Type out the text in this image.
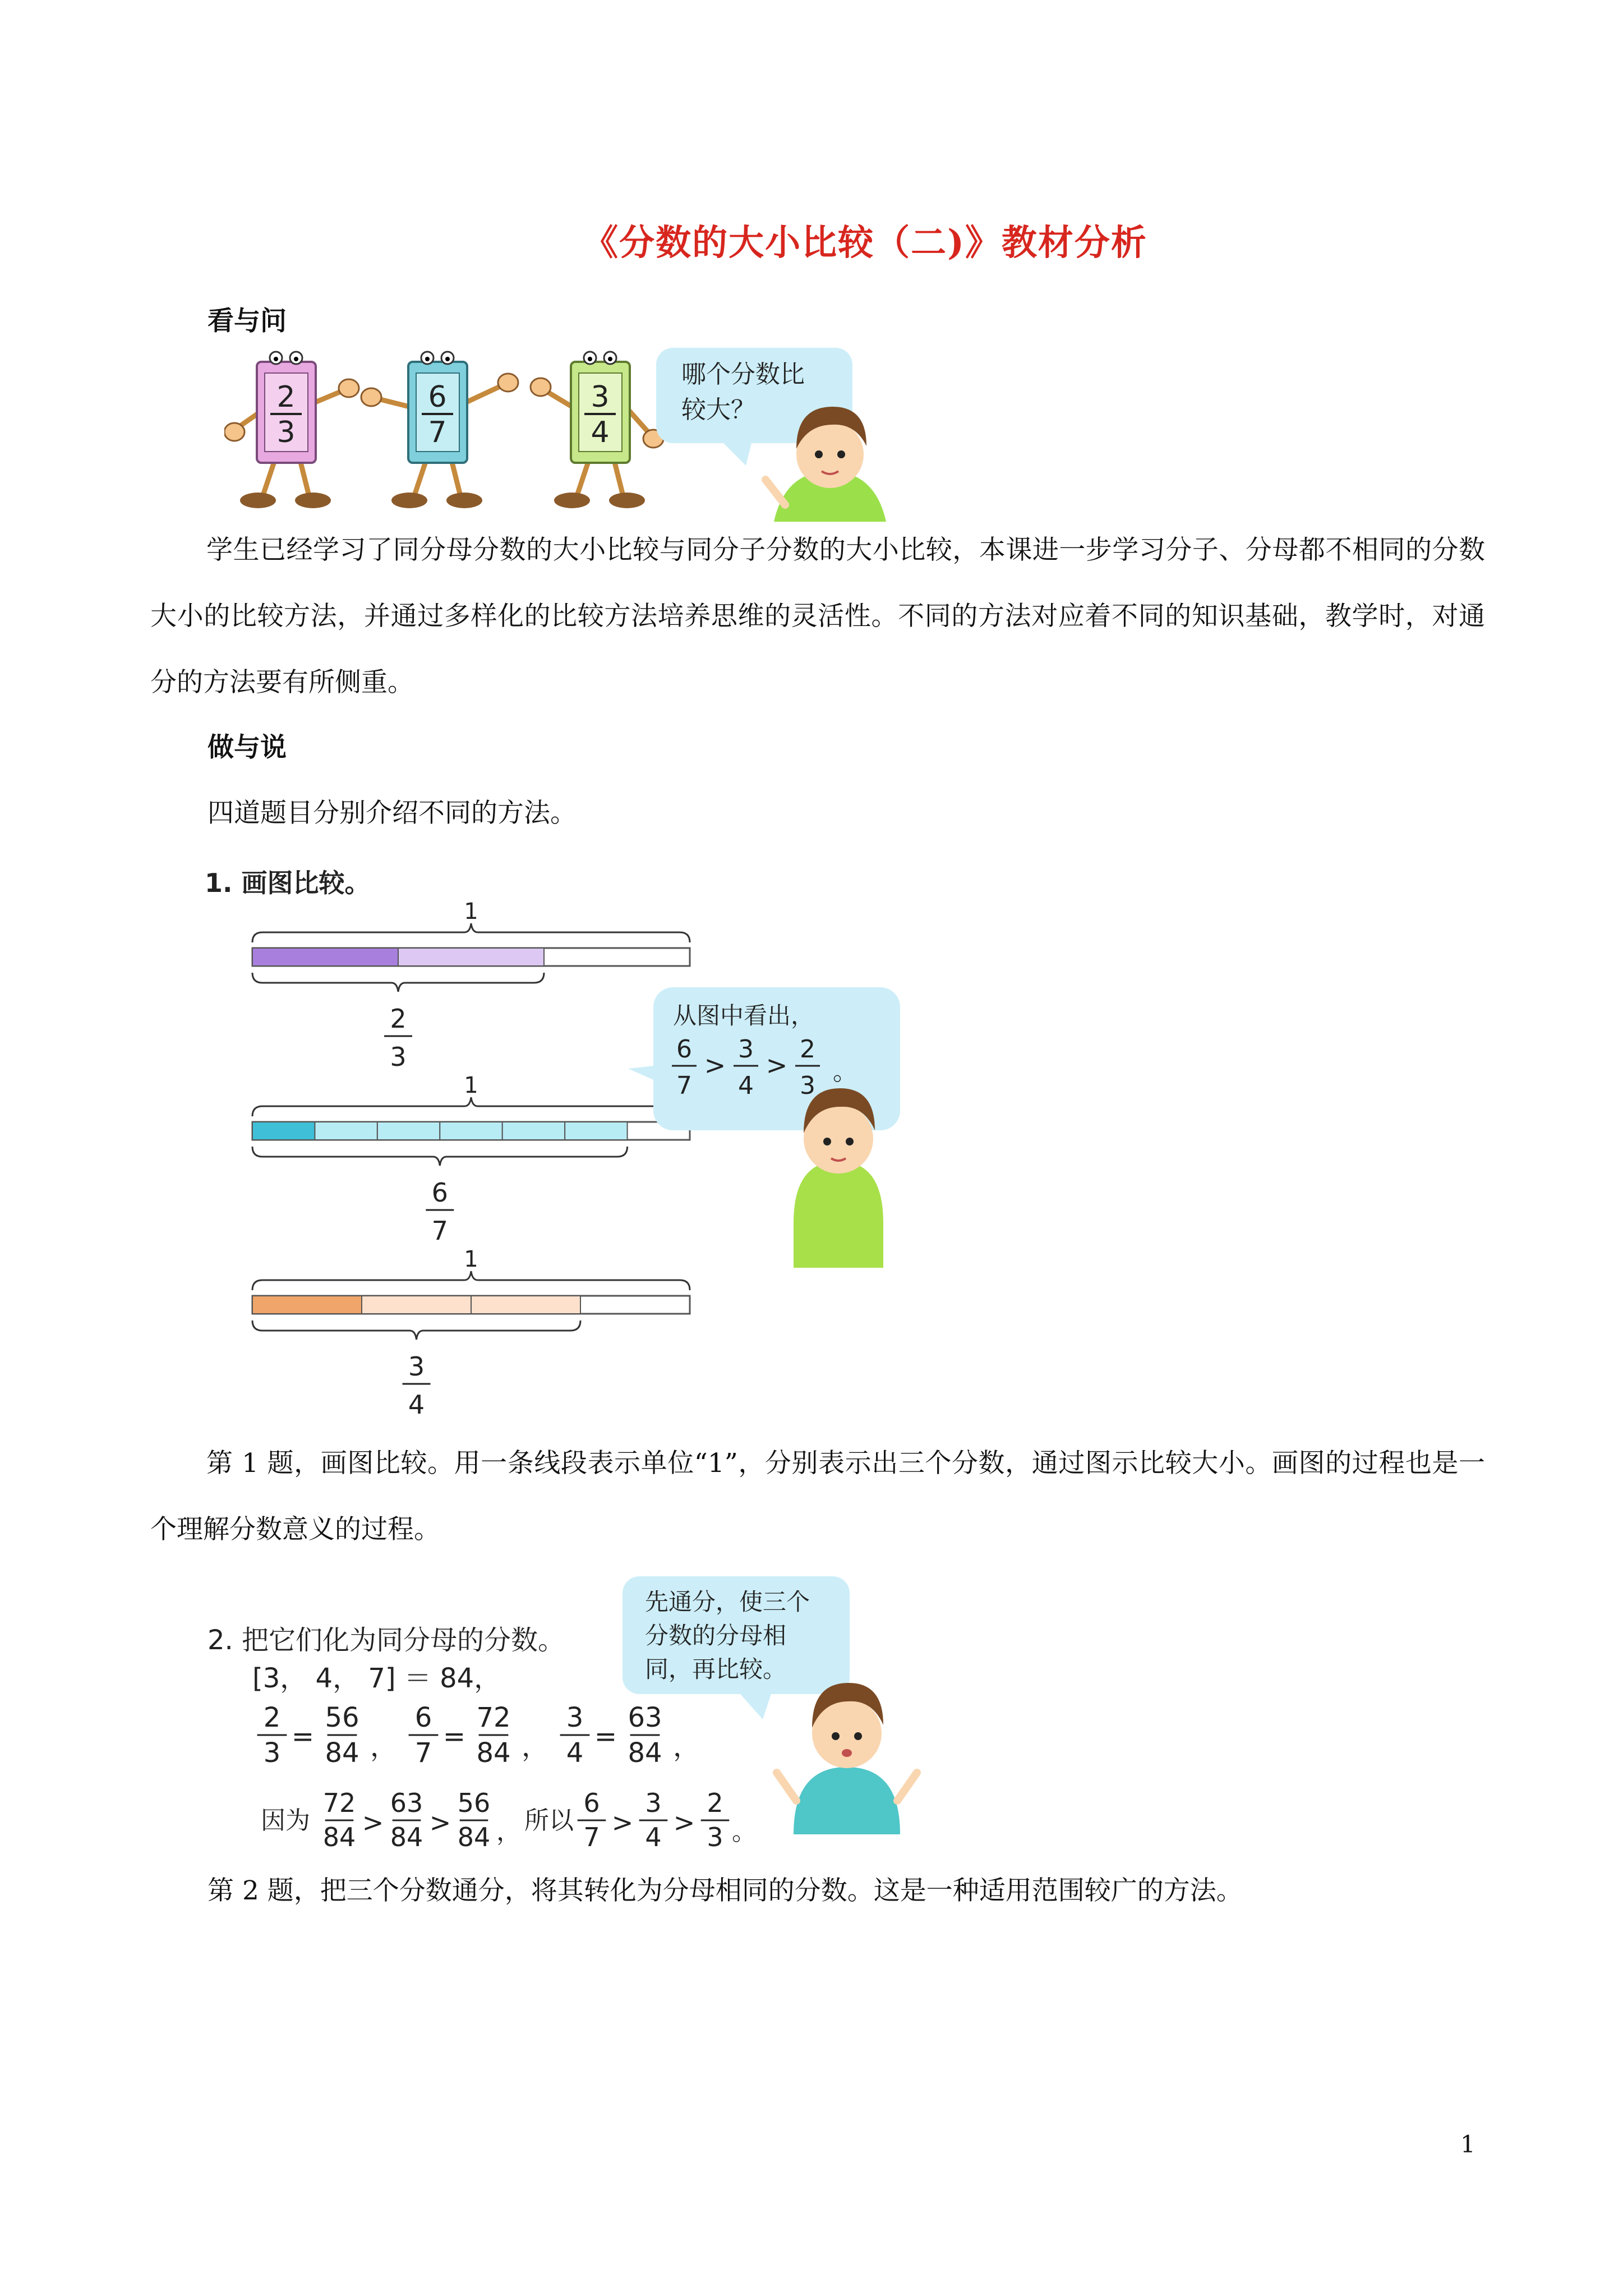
《分数的大小比较（二)》教材分析
看与问
2
3
6
7
3
4
哪个分数比
较大？
学生已经学习了同分母分数的大小比较与同分子分数的大小比较，本课进一步学习分子、分母都不相同的分数大小的比较方法，并通过多样化的比较方法培养思维的灵活性。不同的方法对应着不同的知识基础，教学时，对通分的方法要有所侧重。
做与说
四道题目分别介绍不同的方法。
1. 画图比较。
1
2
3
1
6
7
1
3
4
从图中看出，
6
7
>
3
4
>
2
3 。
第 1 题，画图比较。用一条线段表示单位“1”，分别表示出三个分数，通过图示比较大小。画图的过程也是一个理解分数意义的过程。
2. 把它们化为同分母的分数。
[3， 4， 7] ＝ 84，
2
3
=
56
84 ，
6
7
=
72
84 ，
3
4
=
63
84 ，
因为
72
84 >
63
84 >
56
84 ， 所以
6
7 >
3
4 >
2
3 。
先通分，使三个
分数的分母相
同，再比较。
第 2 题，把三个分数通分，将其转化为分母相同的分数。这是一种适用范围较广的方法。
1
